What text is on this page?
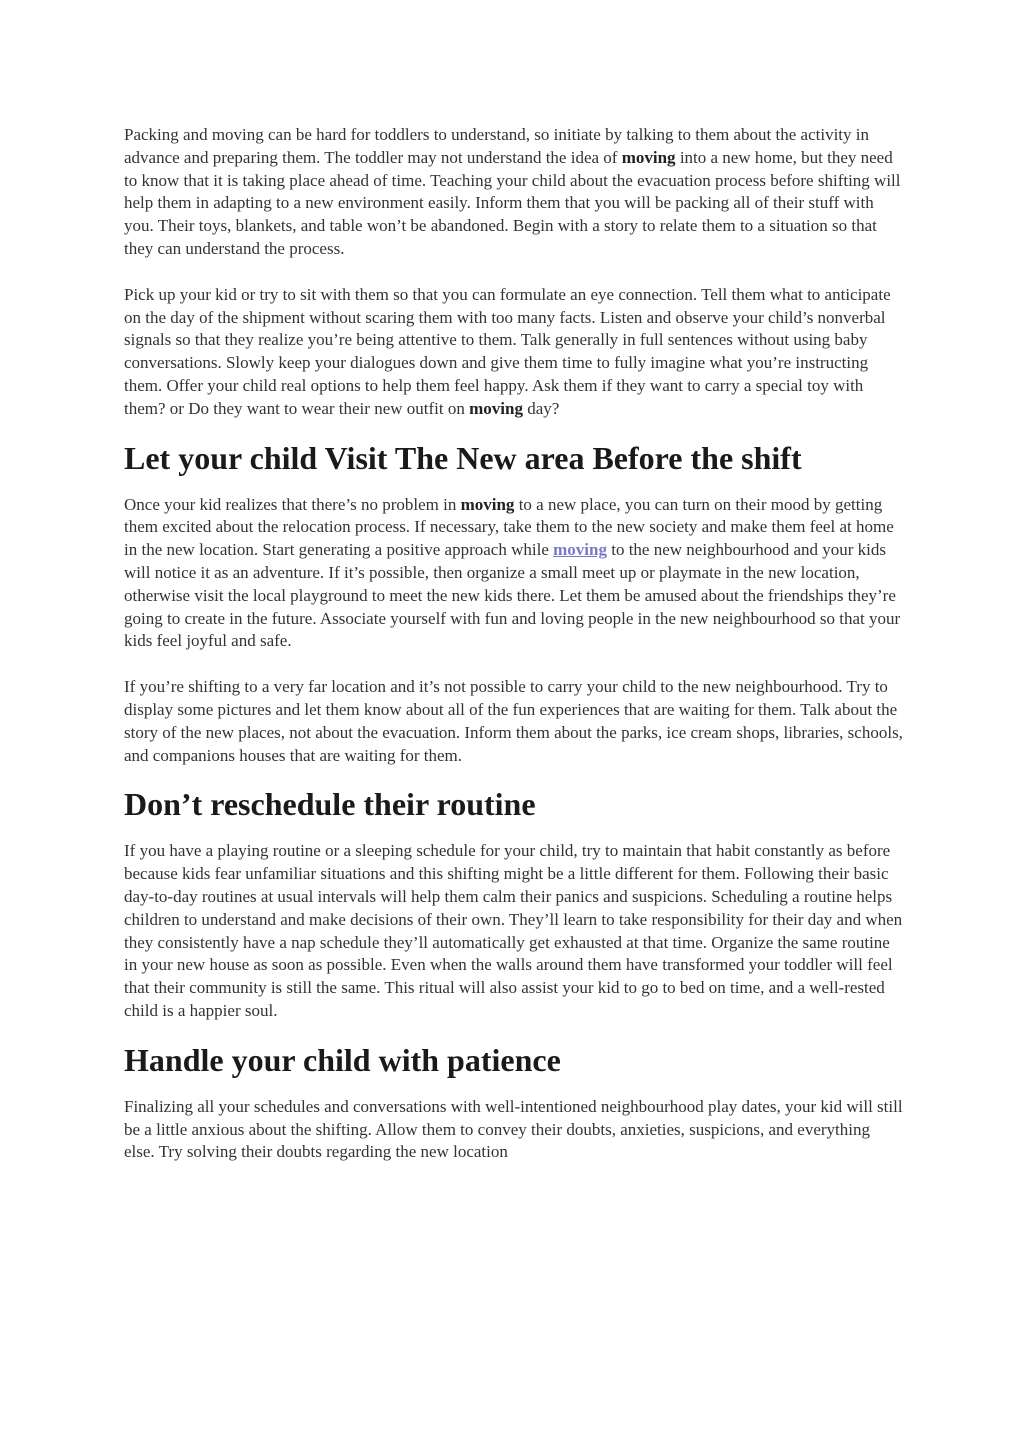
Packing and moving can be hard for toddlers to understand, so initiate by talking to them about the activity in advance and preparing them. The toddler may not understand the idea of moving into a new home, but they need to know that it is taking place ahead of time. Teaching your child about the evacuation process before shifting will help them in adapting to a new environment easily. Inform them that you will be packing all of their stuff with you. Their toys, blankets, and table won’t be abandoned. Begin with a story to relate them to a situation so that they can understand the process.

Pick up your kid or try to sit with them so that you can formulate an eye connection. Tell them what to anticipate on the day of the shipment without scaring them with too many facts. Listen and observe your child’s nonverbal signals so that they realize you’re being attentive to them. Talk generally in full sentences without using baby conversations. Slowly keep your dialogues down and give them time to fully imagine what you’re instructing them. Offer your child real options to help them feel happy. Ask them if they want to carry a special toy with them? or Do they want to wear their new outfit on moving day?

Let your child Visit The New area Before the shift

Once your kid realizes that there’s no problem in moving to a new place, you can turn on their mood by getting them excited about the relocation process. If necessary, take them to the new society and make them feel at home in the new location. Start generating a positive approach while moving to the new neighbourhood and your kids will notice it as an adventure. If it’s possible, then organize a small meet up or playmate in the new location, otherwise visit the local playground to meet the new kids there. Let them be amused about the friendships they’re going to create in the future. Associate yourself with fun and loving people in the new neighbourhood so that your kids feel joyful and safe.

If you’re shifting to a very far location and it’s not possible to carry your child to the new neighbourhood. Try to display some pictures and let them know about all of the fun experiences that are waiting for them. Talk about the story of the new places, not about the evacuation. Inform them about the parks, ice cream shops, libraries, schools, and companions houses that are waiting for them.

Don’t reschedule their routine

If you have a playing routine or a sleeping schedule for your child, try to maintain that habit constantly as before because kids fear unfamiliar situations and this shifting might be a little different for them. Following their basic day-to-day routines at usual intervals will help them calm their panics and suspicions. Scheduling a routine helps children to understand and make decisions of their own. They’ll learn to take responsibility for their day and when they consistently have a nap schedule they’ll automatically get exhausted at that time. Organize the same routine in your new house as soon as possible. Even when the walls around them have transformed your toddler will feel that their community is still the same. This ritual will also assist your kid to go to bed on time, and a well-rested child is a happier soul.

Handle your child with patience

Finalizing all your schedules and conversations with well-intentioned neighbourhood play dates, your kid will still be a little anxious about the shifting. Allow them to convey their doubts, anxieties, suspicions, and everything else. Try solving their doubts regarding the new location
